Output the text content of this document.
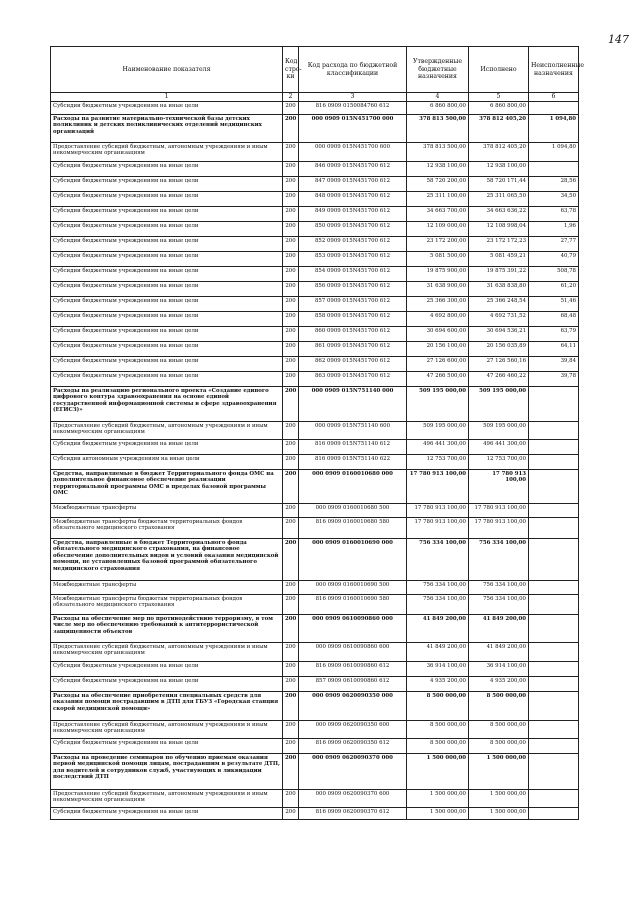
147
Наименование показателя	Код стро-ки	Код расхода по бюджетной классификации	Утвержденные бюджетные назначения	Исполнено	Неисполненные назначения
1	2	3	4	5	6
Субсидии бюджетным учреждениям на иные цели	200	816 0909 0150084760 612	6 860 800,00	6 860 800,00	
Расходы на развитие материально-технической базы детских поликлиник и детских поликлинических отделений медицинских организаций	200	000 0909 015N451700 000	378 813 500,00	378 812 405,20	1 094,80
Предоставление субсидий бюджетным, автономным учреждениям и иным некоммерческим организациям	200	000 0909 015N451700 600	378 813 500,00	378 812 405,20	1 094,80
Субсидии бюджетным учреждениям на иные цели	200	846 0909 015N451700 612	12 938 100,00	12 938 100,00	
Субсидии бюджетным учреждениям на иные цели	200	847 0909 015N451700 612	58 720 200,00	58 720 171,44	28,56
Субсидии бюджетным учреждениям на иные цели	200	848 0909 015N451700 612	25 311 100,00	25 311 065,50	34,50
Субсидии бюджетным учреждениям на иные цели	200	849 0909 015N451700 612	34 663 700,00	34 663 636,22	63,78
Субсидии бюджетным учреждениям на иные цели	200	850 0909 015N451700 612	12 109 000,00	12 108 998,04	1,96
Субсидии бюджетным учреждениям на иные цели	200	852 0909 015N451700 612	23 172 200,00	23 172 172,23	27,77
Субсидии бюджетным учреждениям на иные цели	200	853 0909 015N451700 612	5 081 500,00	5 081 459,21	40,79
Субсидии бюджетным учреждениям на иные цели	200	854 0909 015N451700 612	19 875 900,00	19 875 391,22	508,78
Субсидии бюджетным учреждениям на иные цели	200	856 0909 015N451700 612	31 638 900,00	31 638 838,80	61,20
Субсидии бюджетным учреждениям на иные цели	200	857 0909 015N451700 612	25 366 300,00	25 366 248,54	51,46
Субсидии бюджетным учреждениям на иные цели	200	858 0909 015N451700 612	4 692 800,00	4 692 731,52	68,48
Субсидии бюджетным учреждениям на иные цели	200	860 0909 015N451700 612	30 694 600,00	30 694 536,21	63,79
Субсидии бюджетным учреждениям на иные цели	200	861 0909 015N451700 612	20 156 100,00	20 156 035,89	64,11
Субсидии бюджетным учреждениям на иные цели	200	862 0909 015N451700 612	27 126 600,00	27 126 560,16	39,84
Субсидии бюджетным учреждениям на иные цели	200	863 0909 015N451700 612	47 266 500,00	47 266 460,22	39,78
Расходы на реализацию регионального проекта «Создание единого цифрового контура здравоохранения на основе единой государственной информационной системы в сфере здравоохранения (ЕГИСЗ)»	200	000 0909 015N751140 000	509 195 000,00	509 195 000,00	
Предоставление субсидий бюджетным, автономным учреждениям и иным некоммерческим организациям	200	000 0909 015N751140 600	509 195 000,00	509 195 000,00	
Субсидии бюджетным учреждениям на иные цели	200	816 0909 015N751140 612	496 441 300,00	496 441 300,00	
Субсидии автономным учреждениям на иные цели	200	816 0909 015N751140 622	12 753 700,00	12 753 700,00	
Средства, направляемые в бюджет Территориального фонда ОМС на дополнительное финансовое обеспечение реализации территориальной программы ОМС в пределах базовой программы ОМС	200	000 0909 0160010680 000	17 780 913 100,00	17 780 913 100,00	
Межбюджетные трансферты	200	000 0909 0160010680 500	17 780 913 100,00	17 780 913 100,00	
Межбюджетные трансферты бюджетам территориальных фондов обязательного медицинского страхования	200	816 0909 0160010680 580	17 780 913 100,00	17 780 913 100,00	
Средства, направленные в бюджет Территориального фонда обязательного медицинского страхования, на финансовое обеспечение дополнительных видов и условий оказания медицинской помощи, не установленных базовой программой обязательного медицинского страхования	200	000 0909 0160010690 000	756 334 100,00	756 334 100,00	
Межбюджетные трансферты	200	000 0909 0160010690 500	756 334 100,00	756 334 100,00	
Межбюджетные трансферты бюджетам территориальных фондов обязательного медицинского страхования	200	816 0909 0160010690 580	756 334 100,00	756 334 100,00	
Расходы на обеспечение мер по противодействию терроризму, в том числе мер по обеспечению требований к антитеррористической защищенности объектов	200	000 0909 0610090860 000	41 849 200,00	41 849 200,00	
Предоставление субсидий бюджетным, автономным учреждениям и иным некоммерческим организациям	200	000 0909 0610090860 600	41 849 200,00	41 849 200,00	
Субсидии бюджетным учреждениям на иные цели	200	816 0909 0610090860 612	36 914 100,00	36 914 100,00	
Субсидии бюджетным учреждениям на иные цели	200	857 0909 0610090860 612	4 935 200,00	4 935 200,00	
Расходы на обеспечение приобретения специальных средств для оказания помощи пострадавшим в ДТП для ГБУЗ «Городская станция скорой медицинской помощи»	200	000 0909 0620090350 000	8 500 000,00	8 500 000,00	
Предоставление субсидий бюджетным, автономным учреждениям и иным некоммерческим организациям	200	000 0909 0620090350 600	8 500 000,00	8 500 000,00	
Субсидии бюджетным учреждениям на иные цели	200	816 0909 0620090350 612	8 500 000,00	8 500 000,00	
Расходы на проведение семинаров по обучению приемам оказания первой медицинской помощи лицам, пострадавшим в результате ДТП, для водителей и сотрудников служб, участвующих в ликвидации последствий ДТП	200	000 0909 0620090370 000	1 500 000,00	1 500 000,00	
Предоставление субсидий бюджетным, автономным учреждениям и иным некоммерческим организациям	200	000 0909 0620090370 600	1 500 000,00	1 500 000,00	
Субсидии бюджетным учреждениям на иные цели	200	816 0909 0620090370 612	1 500 000,00	1 500 000,00	
